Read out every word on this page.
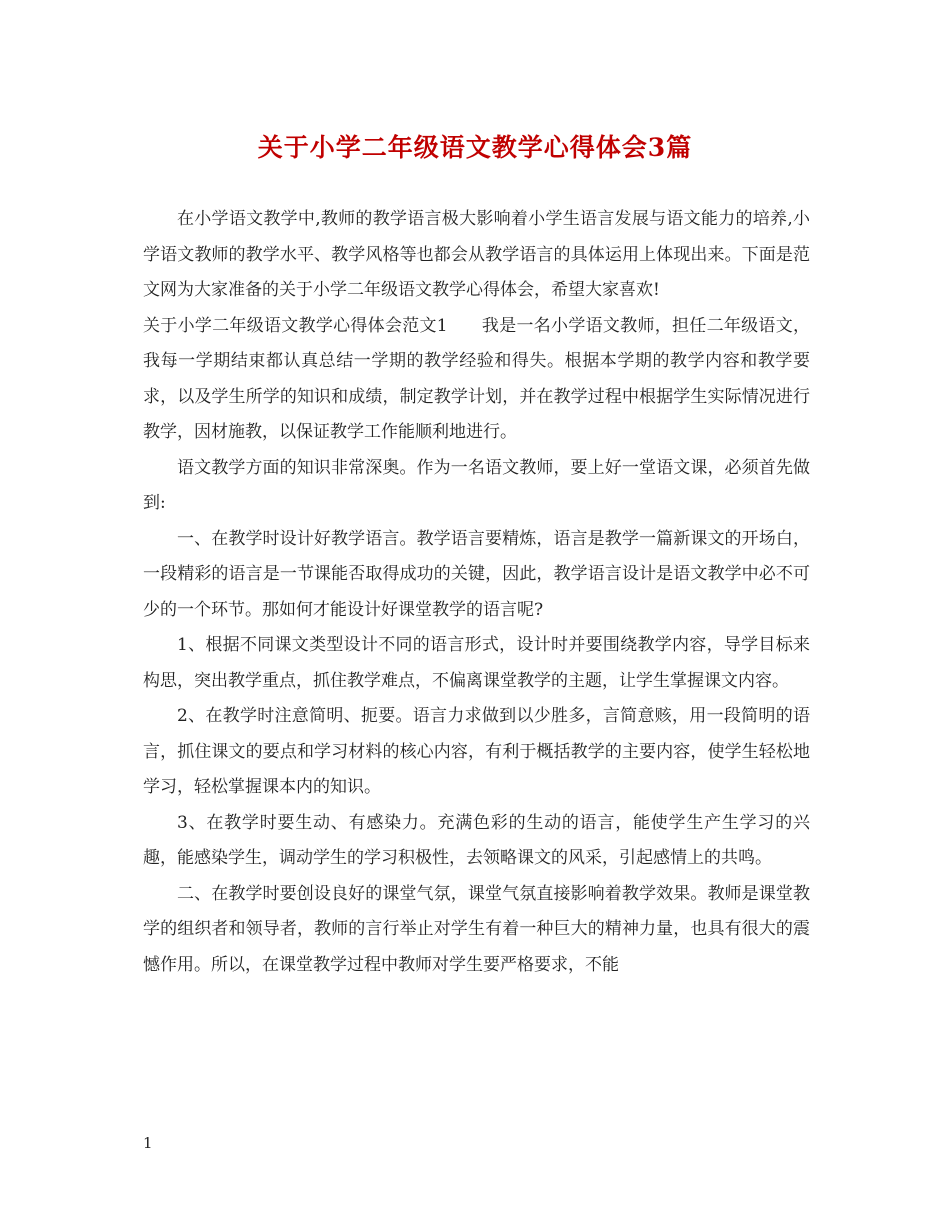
关于小学二年级语文教学心得体会3篇

在小学语文教学中,教师的教学语言极大影响着小学生语言发展与语文能力的培养,小学语文教师的教学水平、教学风格等也都会从教学语言的具体运用上体现出来。下面是范文网为大家准备的关于小学二年级语文教学心得体会，希望大家喜欢!

关于小学二年级语文教学心得体会范文1 我是一名小学语文教师，担任二年级语文，我每一学期结束都认真总结一学期的教学经验和得失。根据本学期的教学内容和教学要求，以及学生所学的知识和成绩，制定教学计划，并在教学过程中根据学生实际情况进行教学，因材施教，以保证教学工作能顺利地进行。

语文教学方面的知识非常深奥。作为一名语文教师，要上好一堂语文课，必须首先做到:

一、在教学时设计好教学语言。教学语言要精炼，语言是教学一篇新课文的开场白，一段精彩的语言是一节课能否取得成功的关键，因此，教学语言设计是语文教学中必不可少的一个环节。那如何才能设计好课堂教学的语言呢?

1、根据不同课文类型设计不同的语言形式，设计时并要围绕教学内容，导学目标来构思，突出教学重点，抓住教学难点，不偏离课堂教学的主题，让学生掌握课文内容。

2、在教学时注意简明、扼要。语言力求做到以少胜多，言简意赅，用一段简明的语言，抓住课文的要点和学习材料的核心内容，有利于概括教学的主要内容，使学生轻松地学习，轻松掌握课本内的知识。

3、在教学时要生动、有感染力。充满色彩的生动的语言，能使学生产生学习的兴趣，能感染学生，调动学生的学习积极性，去领略课文的风采，引起感情上的共鸣。

二、在教学时要创设良好的课堂气氛，课堂气氛直接影响着教学效果。教师是课堂教学的组织者和领导者，教师的言行举止对学生有着一种巨大的精神力量，也具有很大的震憾作用。所以，在课堂教学过程中教师对学生要严格要求，不能

1
